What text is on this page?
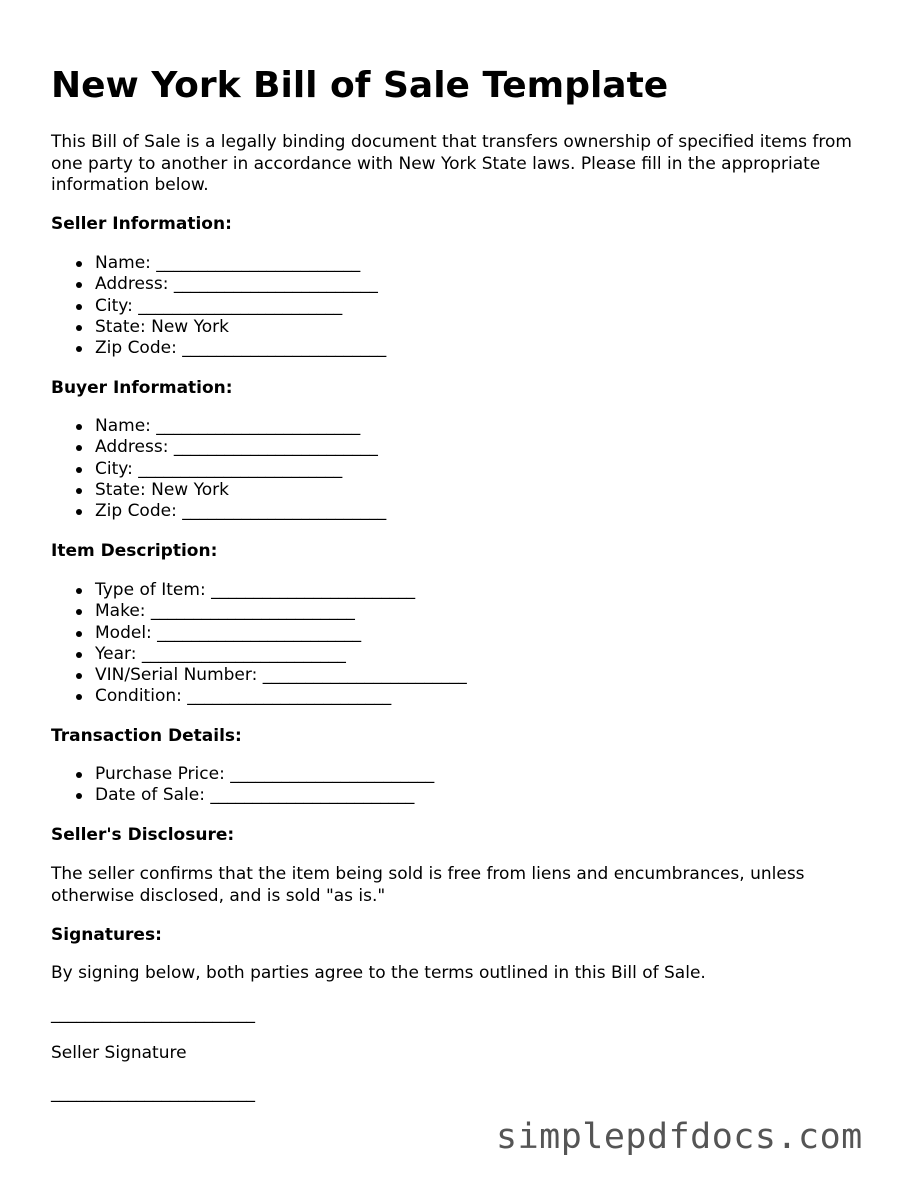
New York Bill of Sale Template

This Bill of Sale is a legally binding document that transfers ownership of specified items from one party to another in accordance with New York State laws. Please fill in the appropriate information below.

Seller Information:
Name: ________________________
Address: ________________________
City: ________________________
State: New York
Zip Code: ________________________
Buyer Information:
Name: ________________________
Address: ________________________
City: ________________________
State: New York
Zip Code: ________________________
Item Description:
Type of Item: ________________________
Make: ________________________
Model: ________________________
Year: ________________________
VIN/Serial Number: ________________________
Condition: ________________________
Transaction Details:
Purchase Price: ________________________
Date of Sale: ________________________
Seller's Disclosure:

The seller confirms that the item being sold is free from liens and encumbrances, unless otherwise disclosed, and is sold "as is."

Signatures:

By signing below, both parties agree to the terms outlined in this Bill of Sale.

________________________
Seller Signature
________________________
simplepdfdocs.com
